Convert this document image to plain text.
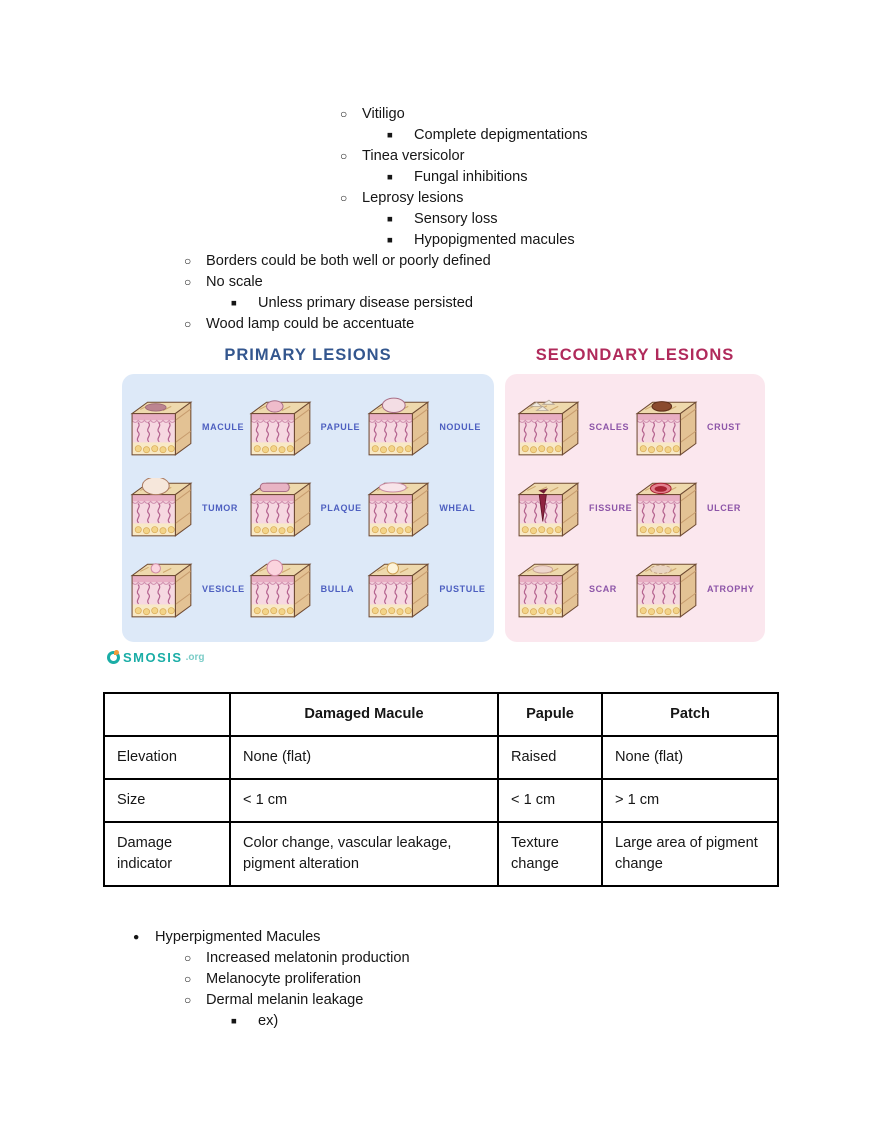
○	Vitiligo
■	Complete depigmentations
○	Tinea versicolor
■	Fungal inhibitions
○	Leprosy lesions
■	Sensory loss
■	Hypopigmented macules
○	Borders could be both well or poorly defined
○	No scale
■	Unless primary disease persisted
○	Wood lamp could be accentuate
PRIMARY LESIONS	SECONDARY LESIONS
MACULE	PAPULE	NODULE
TUMOR	PLAQUE	WHEAL
VESICLE	BULLA	PUSTULE
SCALES	CRUST
FISSURE	ULCER
SCAR	ATROPHY
SMOSIS .org
	Damaged Macule	Papule	Patch
Elevation	None (flat)	Raised	None (flat)
Size	< 1 cm	< 1 cm	> 1 cm
Damage indicator	Color change, vascular leakage, pigment alteration	Texture change	Large area of pigment change
●	Hyperpigmented Macules
○	Increased melatonin production
○	Melanocyte proliferation
○	Dermal melanin leakage
■	ex)
